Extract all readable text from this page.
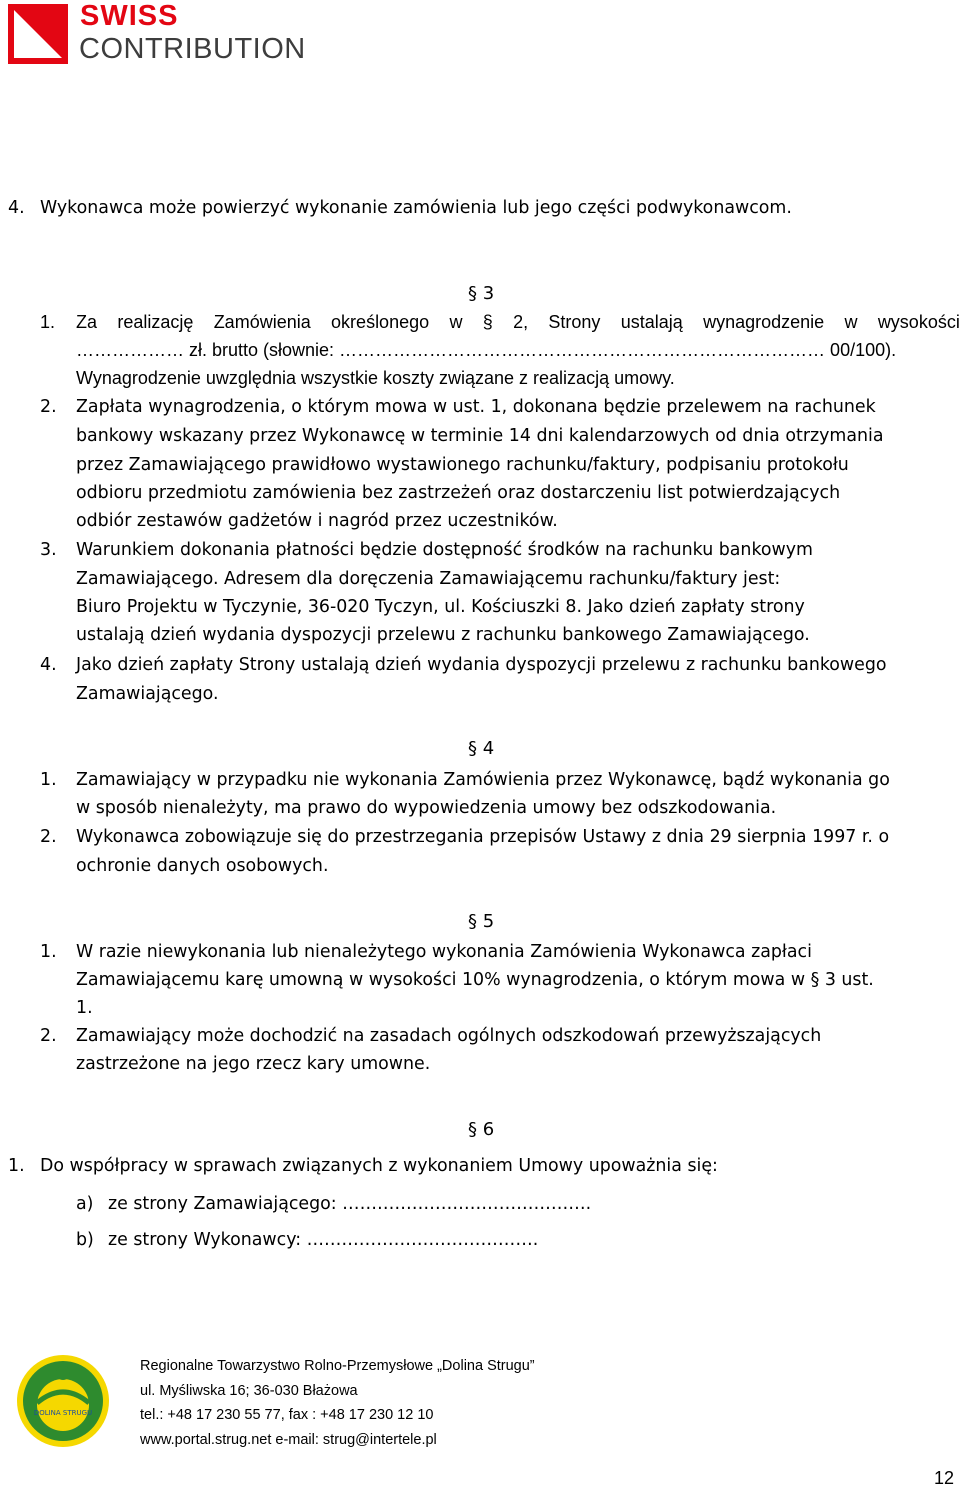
SWISS
CONTRIBUTION
4. Wykonawca może powierzyć wykonanie zamówienia lub jego części podwykonawcom.
§ 3
1. Za realizację Zamówienia określonego w § 2, Strony ustalają wynagrodzenie w wysokości
……………… zł. brutto (słownie: ……………………………………………………………………… 00/100).
Wynagrodzenie uwzględnia wszystkie koszty związane z realizacją umowy.
2. Zapłata wynagrodzenia, o którym mowa w ust. 1, dokonana będzie przelewem na rachunek
bankowy wskazany przez Wykonawcę w terminie 14 dni kalendarzowych od dnia otrzymania
przez Zamawiającego prawidłowo wystawionego rachunku/faktury, podpisaniu protokołu
odbioru przedmiotu zamówienia bez zastrzeżeń oraz dostarczeniu list potwierdzających
odbiór zestawów gadżetów i nagród przez uczestników.
3. Warunkiem dokonania płatności będzie dostępność środków na rachunku bankowym
Zamawiającego. Adresem dla doręczenia Zamawiającemu rachunku/faktury jest:
Biuro Projektu w Tyczynie, 36-020 Tyczyn, ul. Kościuszki 8. Jako dzień zapłaty strony
ustalają dzień wydania dyspozycji przelewu z rachunku bankowego Zamawiającego.
4. Jako dzień zapłaty Strony ustalają dzień wydania dyspozycji przelewu z rachunku bankowego
Zamawiającego.
§ 4
1. Zamawiający w przypadku nie wykonania Zamówienia przez Wykonawcę, bądź wykonania go
w sposób nienależyty, ma prawo do wypowiedzenia umowy bez odszkodowania.
2. Wykonawca zobowiązuje się do przestrzegania przepisów Ustawy z dnia 29 sierpnia 1997 r. o
ochronie danych osobowych.
§ 5
1. W razie niewykonania lub nienależytego wykonania Zamówienia Wykonawca zapłaci
Zamawiającemu karę umowną w wysokości 10% wynagrodzenia, o którym mowa w § 3 ust.
1.
2. Zamawiający może dochodzić na zasadach ogólnych odszkodowań przewyższających
zastrzeżone na jego rzecz kary umowne.
§ 6
1. Do współpracy w sprawach związanych z wykonaniem Umowy upoważnia się:
a) ze strony Zamawiającego: …………………………………….
b) ze strony Wykonawcy: ………………………………….
DOLINA STRUGU
Regionalne Towarzystwo Rolno-Przemysłowe „Dolina Strugu”
ul. Myśliwska 16; 36-030 Błażowa
tel.: +48 17 230 55 77, fax : +48 17 230 12 10
www.portal.strug.net e-mail: strug@intertele.pl
12
